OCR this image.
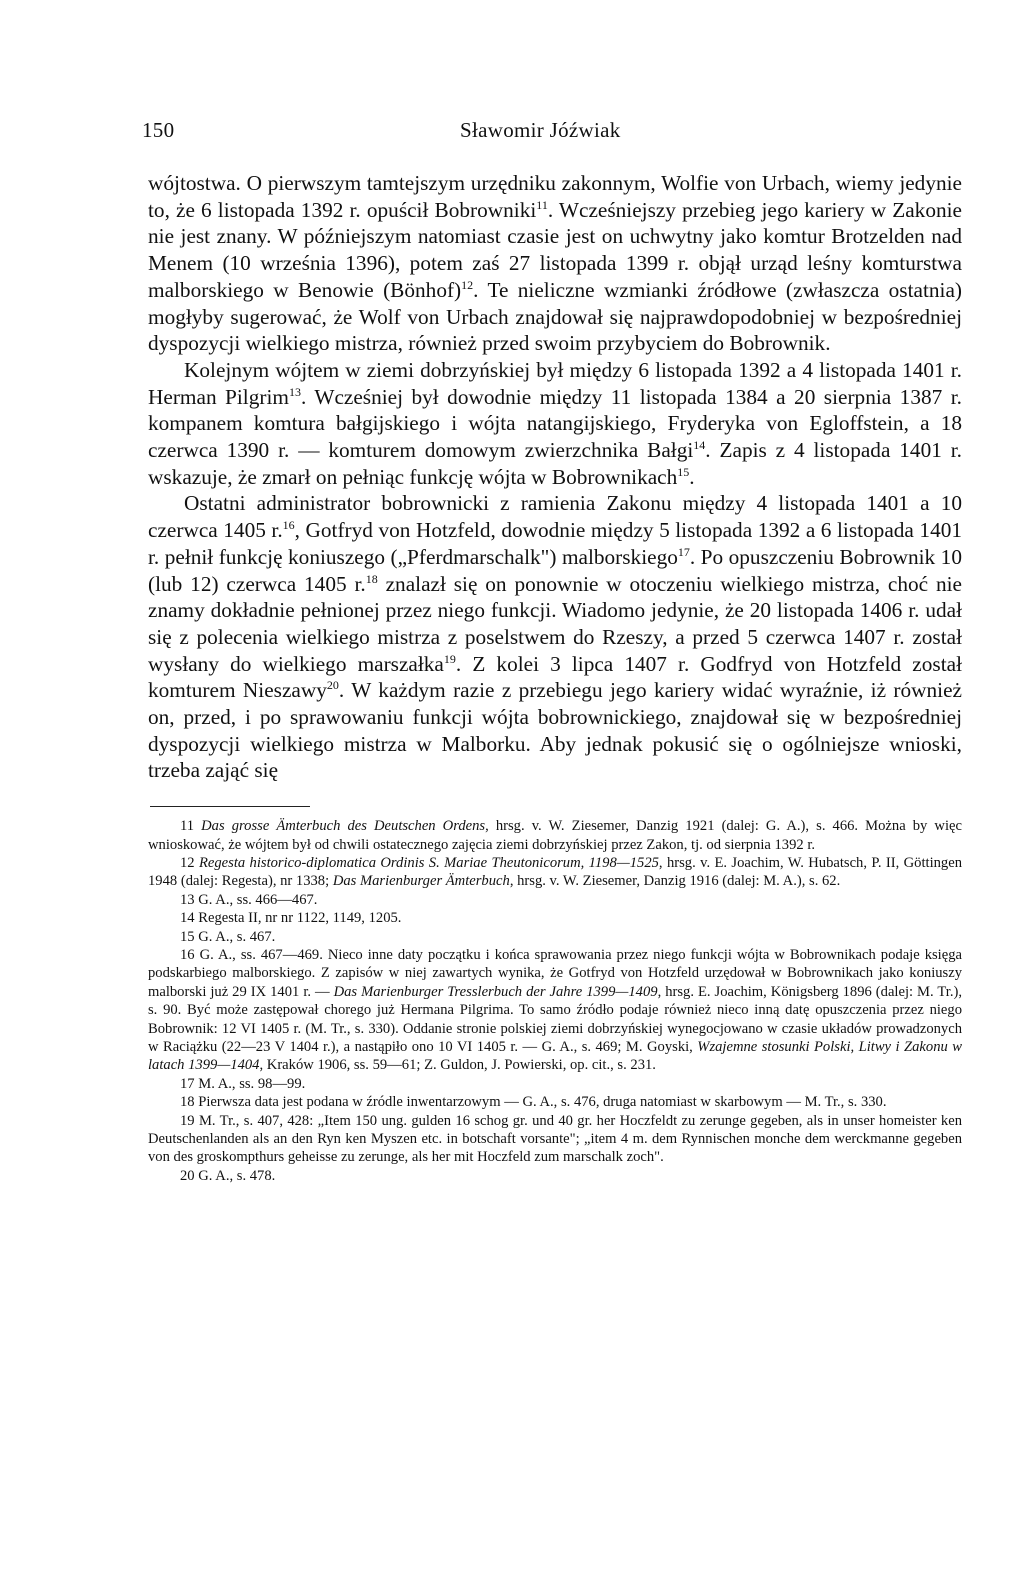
150	Sławomir Jóźwiak

wójtostwa. O pierwszym tamtejszym urzędniku zakonnym, Wolfie von Urbach, wiemy jedynie to, że 6 listopada 1392 r. opuścił Bobrowniki$^{11}$. Wcześniejszy przebieg jego kariery w Zakonie nie jest znany. W późniejszym natomiast czasie jest on uchwytny jako komtur Brotzelden nad Menem (10 września 1396), potem zaś 27 listopada 1399 r. objął urząd leśny komturstwa malborskiego w Benowie (Bönhof)$^{12}$. Te nieliczne wzmianki źródłowe (zwłaszcza ostatnia) mogłyby sugerować, że Wolf von Urbach znajdował się najprawdopodobniej w bezpośredniej dyspozycji wielkiego mistrza, również przed swoim przybyciem do Bobrownik.

Kolejnym wójtem w ziemi dobrzyńskiej był między 6 listopada 1392 a 4 listopada 1401 r. Herman Pilgrim$^{13}$. Wcześniej był dowodnie między 11 listopada 1384 a 20 sierpnia 1387 r. kompanem komtura bałgijskiego i wójta natangijskiego, Fryderyka von Egloffstein, a 18 czerwca 1390 r. — komturem domowym zwierzchnika Bałgi$^{14}$. Zapis z 4 listopada 1401 r. wskazuje, że zmarł on pełniąc funkcję wójta w Bobrownikach$^{15}$.

Ostatni administrator bobrownicki z ramienia Zakonu między 4 listopada 1401 a 10 czerwca 1405 r.$^{16}$, Gotfryd von Hotzfeld, dowodnie między 5 listopada 1392 a 6 listopada 1401 r. pełnił funkcję koniuszego („Pferdmarschalk") malborskiego$^{17}$. Po opuszczeniu Bobrownik 10 (lub 12) czerwca 1405 r.$^{18}$ znalazł się on ponownie w otoczeniu wielkiego mistrza, choć nie znamy dokładnie pełnionej przez niego funkcji. Wiadomo jedynie, że 20 listopada 1406 r. udał się z polecenia wielkiego mistrza z poselstwem do Rzeszy, a przed 5 czerwca 1407 r. został wysłany do wielkiego marszałka$^{19}$. Z kolei 3 lipca 1407 r. Godfryd von Hotzfeld został komturem Nieszawy$^{20}$. W każdym razie z przebiegu jego kariery widać wyraźnie, iż również on, przed, i po sprawowaniu funkcji wójta bobrownickiego, znajdował się w bezpośredniej dyspozycji wielkiego mistrza w Malborku. Aby jednak pokusić się o ogólniejsze wnioski, trzeba zająć się

11 Das grosse Ämterbuch des Deutschen Ordens, hrsg. v. W. Ziesemer, Danzig 1921 (dalej: G. A.), s. 466. Można by więc wnioskować, że wójtem był od chwili ostatecznego zajęcia ziemi dobrzyńskiej przez Zakon, tj. od sierpnia 1392 r.

12 Regesta historico-diplomatica Ordinis S. Mariae Theutonicorum, 1198—1525, hrsg. v. E. Joachim, W. Hubatsch, P. II, Göttingen 1948 (dalej: Regesta), nr 1338; Das Marienburger Ämterbuch, hrsg. v. W. Ziesemer, Danzig 1916 (dalej: M. A.), s. 62.

13 G. A., ss. 466—467.

14 Regesta II, nr nr 1122, 1149, 1205.

15 G. A., s. 467.

16 G. A., ss. 467—469. Nieco inne daty początku i końca sprawowania przez niego funkcji wójta w Bobrownikach podaje księga podskarbiego malborskiego. Z zapisów w niej zawartych wynika, że Gotfryd von Hotzfeld urzędował w Bobrownikach jako koniuszy malborski już 29 IX 1401 r. — Das Marienburger Tresslerbuch der Jahre 1399—1409, hrsg. E. Joachim, Königsberg 1896 (dalej: M. Tr.), s. 90. Być może zastępował chorego już Hermana Pilgrima. To samo źródło podaje również nieco inną datę opuszczenia przez niego Bobrownik: 12 VI 1405 r. (M. Tr., s. 330). Oddanie stronie polskiej ziemi dobrzyńskiej wynegocjowano w czasie układów prowadzonych w Raciążku (22—23 V 1404 r.), a nastąpiło ono 10 VI 1405 r. — G. A., s. 469; M. Goyski, Wzajemne stosunki Polski, Litwy i Zakonu w latach 1399—1404, Kraków 1906, ss. 59—61; Z. Guldon, J. Powierski, op. cit., s. 231.

17 M. A., ss. 98—99.

18 Pierwsza data jest podana w źródle inwentarzowym — G. A., s. 476, druga natomiast w skarbowym — M. Tr., s. 330.

19 M. Tr., s. 407, 428: „Item 150 ung. gulden 16 schog gr. und 40 gr. her Hoczfeldt zu zerunge gegeben, als in unser homeister ken Deutschenlanden als an den Ryn ken Myszen etc. in botschaft vorsante"; „item 4 m. dem Rynnischen monche dem werckmanne gegeben von des groskompthurs geheisse zu zerunge, als her mit Hoczfeld zum marschalk zoch".

20 G. A., s. 478.
